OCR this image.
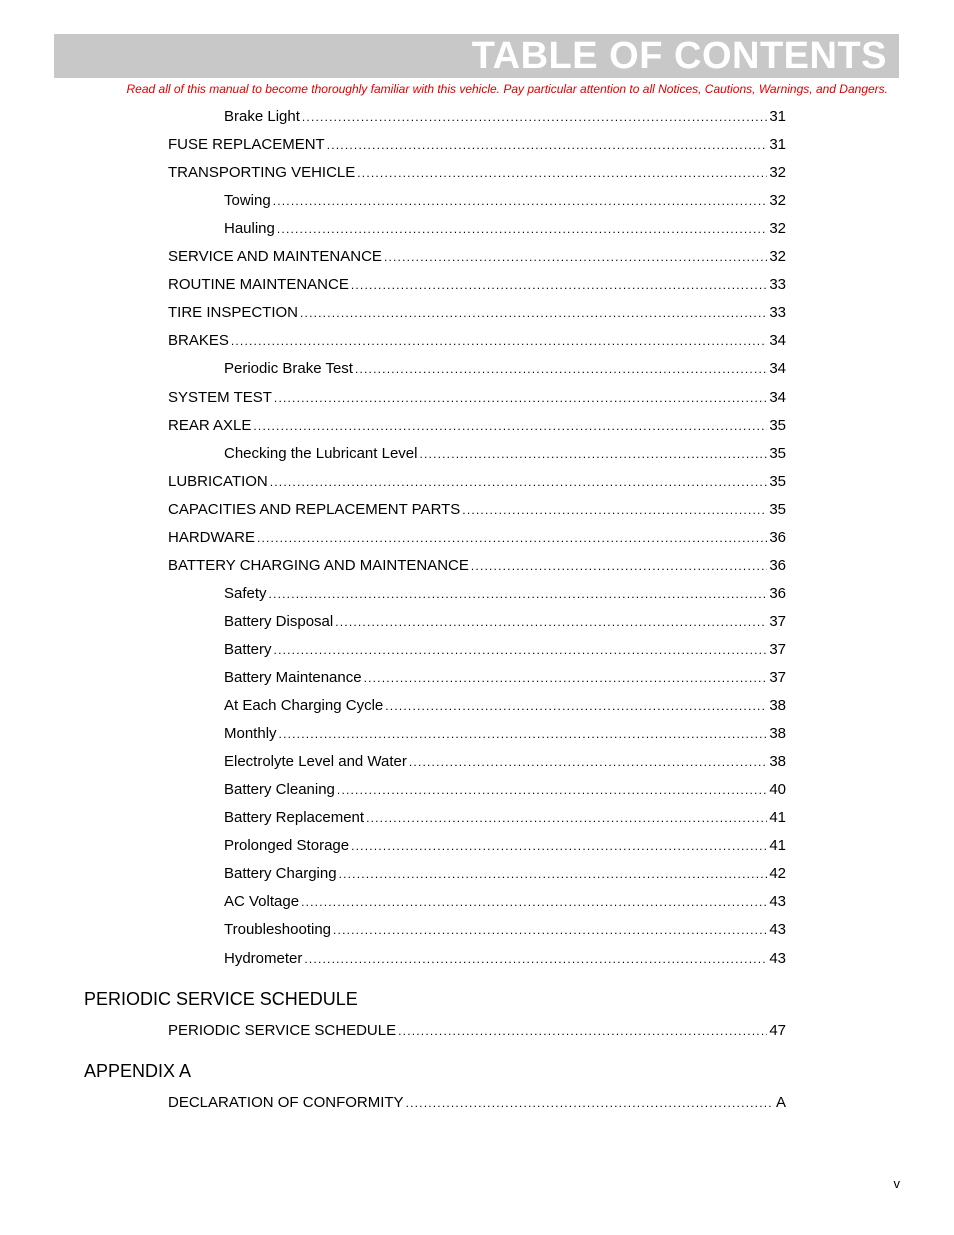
TABLE OF CONTENTS
Read all of this manual to become thoroughly familiar with this vehicle. Pay particular attention to all Notices, Cautions, Warnings, and Dangers.
Brake Light .....	31
FUSE REPLACEMENT .....	31
TRANSPORTING VEHICLE .....	32
Towing .....	32
Hauling .....	32
SERVICE AND MAINTENANCE .....	32
ROUTINE MAINTENANCE .....	33
TIRE INSPECTION .....	33
BRAKES .....	34
Periodic Brake Test .....	34
SYSTEM TEST .....	34
REAR AXLE .....	35
Checking the Lubricant Level .....	35
LUBRICATION .....	35
CAPACITIES AND REPLACEMENT PARTS .....	35
HARDWARE .....	36
BATTERY CHARGING AND MAINTENANCE .....	36
Safety .....	36
Battery Disposal .....	37
Battery .....	37
Battery Maintenance .....	37
At Each Charging Cycle .....	38
Monthly .....	38
Electrolyte Level and Water .....	38
Battery Cleaning .....	40
Battery Replacement .....	41
Prolonged Storage .....	41
Battery Charging .....	42
AC Voltage .....	43
Troubleshooting .....	43
Hydrometer .....	43
PERIODIC SERVICE SCHEDULE
PERIODIC SERVICE SCHEDULE .....	47
APPENDIX A
DECLARATION OF CONFORMITY .....	A
v
